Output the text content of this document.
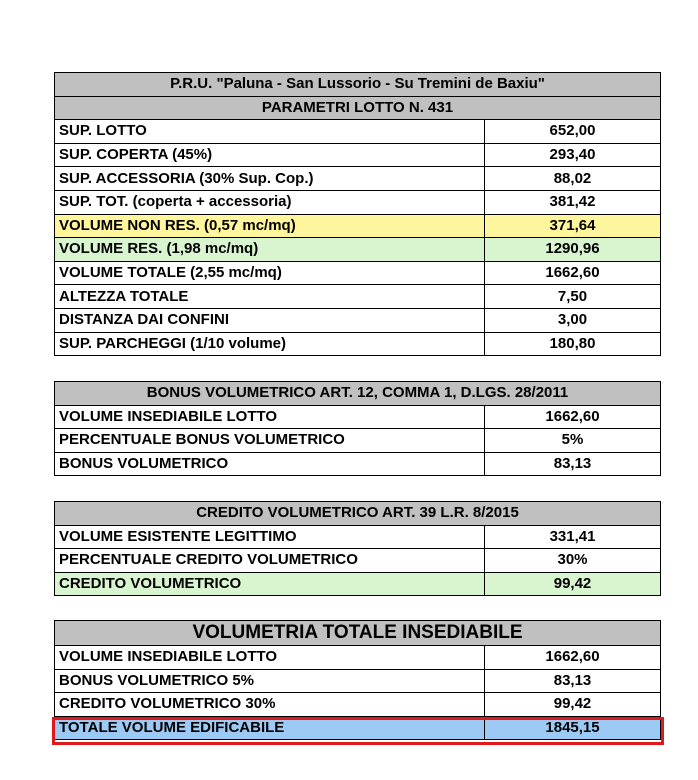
P.R.U. "Paluna - San Lussorio - Su Tremini de Baxiu"	
PARAMETRI LOTTO N. 431	
SUP. LOTTO	652,00
SUP. COPERTA (45%)	293,40
SUP. ACCESSORIA (30% Sup. Cop.)	88,02
SUP. TOT. (coperta + accessoria)	381,42
VOLUME NON RES. (0,57 mc/mq)	371,64
VOLUME RES. (1,98 mc/mq)	1290,96
VOLUME TOTALE (2,55 mc/mq)	1662,60
ALTEZZA TOTALE	7,50
DISTANZA DAI CONFINI	3,00
SUP. PARCHEGGI (1/10 volume)	180,80
BONUS VOLUMETRICO ART. 12, COMMA 1, D.LGS. 28/2011	
VOLUME INSEDIABILE LOTTO	1662,60
PERCENTUALE BONUS VOLUMETRICO	5%
BONUS VOLUMETRICO	83,13
CREDITO VOLUMETRICO ART. 39 L.R. 8/2015	
VOLUME ESISTENTE LEGITTIMO	331,41
PERCENTUALE CREDITO VOLUMETRICO	30%
CREDITO VOLUMETRICO	99,42
VOLUMETRIA TOTALE INSEDIABILE	
VOLUME INSEDIABILE LOTTO	1662,60
BONUS VOLUMETRICO 5%	83,13
CREDITO VOLUMETRICO 30%	99,42
TOTALE VOLUME EDIFICABILE	1845,15
